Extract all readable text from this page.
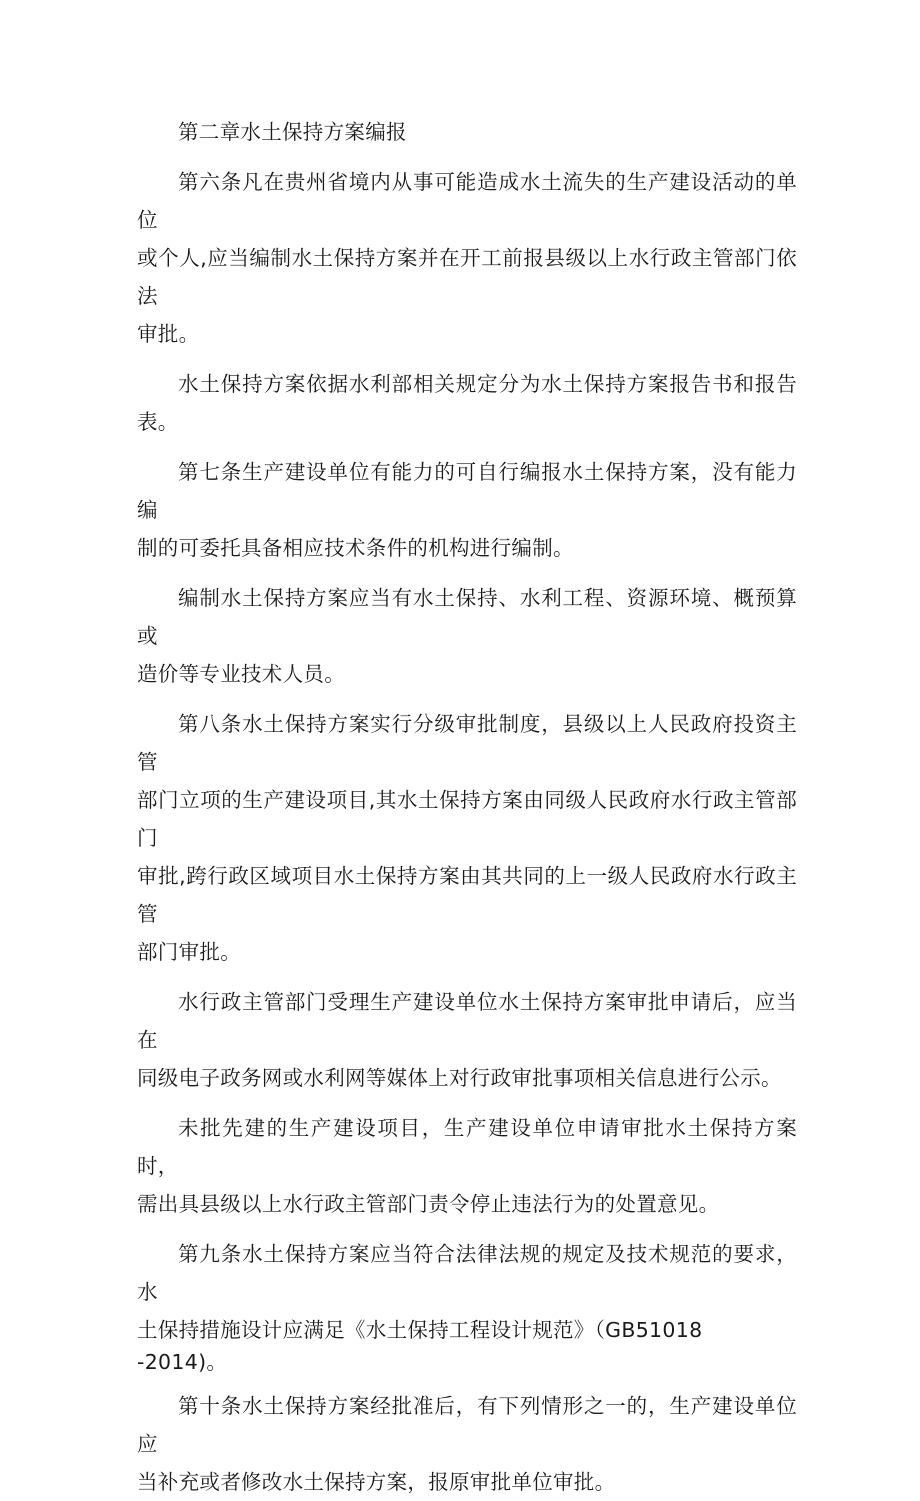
第二章水土保持方案编报

第六条凡在贵州省境内从事可能造成水土流失的生产建设活动的单位
或个人,应当编制水土保持方案并在开工前报县级以上水行政主管部门依法
审批。

水土保持方案依据水利部相关规定分为水土保持方案报告书和报告表。

第七条生产建设单位有能力的可自行编报水土保持方案，没有能力编
制的可委托具备相应技术条件的机构进行编制。

编制水土保持方案应当有水土保持、水利工程、资源环境、概预算或
造价等专业技术人员。

第八条水土保持方案实行分级审批制度，县级以上人民政府投资主管
部门立项的生产建设项目,其水土保持方案由同级人民政府水行政主管部门
审批,跨行政区域项目水土保持方案由其共同的上一级人民政府水行政主管
部门审批。

水行政主管部门受理生产建设单位水土保持方案审批申请后，应当在
同级电子政务网或水利网等媒体上对行政审批事项相关信息进行公示。

未批先建的生产建设项目，生产建设单位申请审批水土保持方案时，
需出具县级以上水行政主管部门责令停止违法行为的处置意见。

第九条水土保持方案应当符合法律法规的规定及技术规范的要求，水
土保持措施设计应满足《水土保持工程设计规范》（GB51018
-2014)。

第十条水土保持方案经批准后，有下列情形之一的，生产建设单位应
当补充或者修改水土保持方案，报原审批单位审批。
